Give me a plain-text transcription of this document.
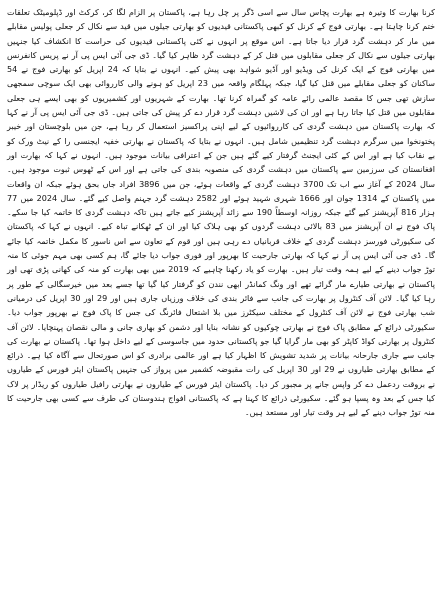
کرنا بھارت کا وتیرہ ہے بھارت پچاس سال سے اسی ڈگر پر چل رہا ہے، پاکستان پر الزام لگا کر، کرکٹ اور ڈپلومیٹک تعلقات ختم کرنا چاہتا ہے۔ بھارتی فوج کے کرنل کو کبھی پاکستانی قیدیوں کو بھارتی جیلوں میں قید سے نکال کر جعلی پولیس مقابلے میں مار کر دہشت گرد قرار دیا جاتا ہے۔ اس موقع پر انہوں نے کئی پاکستانی قیدیوں کی حراست کا انکشاف کیا جنہیں بھارتی جیلوں سے نکال کر جعلی مقابلوں میں قتل کر کے دہشت گرد ظاہر کیا گیا۔ ڈی جی آئی ایس پی آر نے پریس کانفرنس میں بھارتی فوج کے ایک کرنل کی ویڈیو اور آڈیو شواہد بھی پیش کیے۔ انہوں نے بتایا کہ 24 اپریل کو بھارتی فوج نے 54 ساکنان کو جعلی مقابلے میں قتل کیا گیا، جبکہ پہلگام واقعہ میں 23 اپریل کو ہونے والی کارروائی بھی ایک سوچی سمجھی سازش تھی جس کا مقصد عالمی رائے عامہ کو گمراہ کرنا تھا۔ بھارت کے شہریوں اور کشمیریوں کو بھی ایسے ہی جعلی مقابلوں میں قتل کیا جاتا رہا ہے اور ان کی لاشیں دہشت گرد قرار دے کر پیش کی جاتی ہیں۔ ڈی جی آئی ایس پی آر نے کہا کہ بھارت پاکستان میں دہشت گردی کی کارروائیوں کے لیے اپنی پراکسیز استعمال کر رہا ہے، جن میں بلوچستان اور خیبر پختونخوا میں سرگرم دہشت گرد تنظیمیں شامل ہیں۔ انہوں نے بتایا کہ پاکستان نے بھارتی خفیہ ایجنسی را کے نیٹ ورک کو بے نقاب کیا ہے اور اس کے کئی ایجنٹ گرفتار کیے گئے ہیں جن کے اعترافی بیانات موجود ہیں۔ انہوں نے کہا کہ بھارت اور افغانستان کی سرزمین سے پاکستان میں دہشت گردی کی منصوبہ بندی کی جاتی ہے اور اس کے ٹھوس ثبوت موجود ہیں۔ سال 2024 کے آغاز سے اب تک 3700 دہشت گردی کے واقعات ہوئے، جن میں 3896 افراد جاں بحق ہوئے جبکہ ان واقعات میں پاکستان کے 1314 جوان اور 1666 شہری شہید ہوئے اور 2582 دہشت گرد جہنم واصل کیے گئے۔ سال 2024 میں 77 ہزار 816 آپریشنز کیے گئے جبکہ روزانہ اوسطاً 190 سے زائد آپریشنز کیے جاتے ہیں تاکہ دہشت گردی کا خاتمہ کیا جا سکے۔ پاک فوج نے ان آپریشنز میں 83 بالائی دہشت گردوں کو بھی ہلاک کیا اور ان کے ٹھکانے تباہ کیے۔ انہوں نے کہا کہ پاکستان کی سکیورٹی فورسز دہشت گردی کے خلاف قربانیاں دے رہی ہیں اور قوم کے تعاون سے اس ناسور کا مکمل خاتمہ کیا جائے گا۔ ڈی جی آئی ایس پی آر نے کہا کہ بھارتی جارحیت کا بھرپور اور فوری جواب دیا جائے گا، ہم کسی بھی مہم جوئی کا منہ توڑ جواب دینے کے لیے ہمہ وقت تیار ہیں۔ بھارت کو یاد رکھنا چاہیے کہ 2019 میں بھی بھارت کو منہ کی کھانی پڑی تھی اور پاکستان نے بھارتی طیارے مار گرائے تھے اور ونگ کمانڈر ابھی نندن کو گرفتار کیا گیا تھا جسے بعد میں خیرسگالی کے طور پر رہا کیا گیا۔ لائن آف کنٹرول پر بھارت کی جانب سے فائر بندی کی خلاف ورزیاں جاری ہیں اور 29 اور 30 اپریل کی درمیانی شب بھارتی فوج نے لائن آف کنٹرول کے مختلف سیکٹرز میں بلا اشتعال فائرنگ کی جس کا پاک فوج نے بھرپور جواب دیا۔ سکیورٹی ذرائع کے مطابق پاک فوج نے بھارتی چوکیوں کو نشانہ بنایا اور دشمن کو بھاری جانی و مالی نقصان پہنچایا۔ لائن آف کنٹرول پر بھارتی کواڈ کاپٹر کو بھی مار گرایا گیا جو پاکستانی حدود میں جاسوسی کے لیے داخل ہوا تھا۔ پاکستان نے بھارت کی جانب سے جاری جارحانہ بیانات پر شدید تشویش کا اظہار کیا ہے اور عالمی برادری کو اس صورتحال سے آگاہ کیا ہے۔ ذرائع کے مطابق بھارتی طیاروں نے 29 اور 30 اپریل کی رات مقبوضہ کشمیر میں پرواز کی جنہیں پاکستان ایئر فورس کے طیاروں نے بروقت ردعمل دے کر واپس جانے پر مجبور کر دیا۔ پاکستان ایئر فورس کے طیاروں نے بھارتی رافیل طیاروں کو ریڈار پر لاک کیا جس کے بعد وہ پسپا ہو گئے۔ سکیورٹی ذرائع کا کہنا ہے کہ پاکستانی افواج ہندوستان کی طرف سے کسی بھی جارحیت کا منہ توڑ جواب دینے کے لیے ہر وقت تیار اور مستعد ہیں۔
